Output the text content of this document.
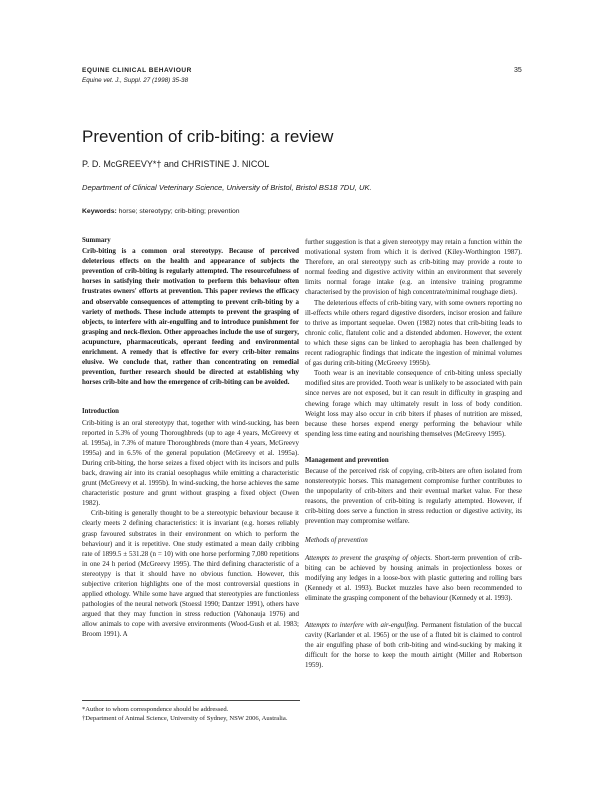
EQUINE CLINICAL BEHAVIOUR
Equine vet. J., Suppl. 27 (1998) 35-38
35
Prevention of crib-biting: a review
P. D. McGREEVY*† and CHRISTINE J. NICOL
Department of Clinical Veterinary Science, University of Bristol, Bristol BS18 7DU, UK.
Keywords: horse; stereotypy; crib-biting; prevention

Summary

Crib-biting is a common oral stereotypy. Because of perceived deleterious effects on the health and appearance of subjects the prevention of crib-biting is regularly attempted. The resourcefulness of horses in satisfying their motivation to perform this behaviour often frustrates owners' efforts at prevention. This paper reviews the efficacy and observable consequences of attempting to prevent crib-biting by a variety of methods. These include attempts to prevent the grasping of objects, to interfere with air-engulfing and to introduce punishment for grasping and neck-flexion. Other approaches include the use of surgery, acupuncture, pharmaceuticals, operant feeding and environmental enrichment. A remedy that is effective for every crib-biter remains elusive. We conclude that, rather than concentrating on remedial prevention, further research should be directed at establishing why horses crib-bite and how the emergence of crib-biting can be avoided.

Introduction

Crib-biting is an oral stereotypy that, together with wind-sucking, has been reported in 5.3% of young Thoroughbreds (up to age 4 years, McGreevy et al. 1995a), in 7.3% of mature Thoroughbreds (more than 4 years, McGreevy 1995a) and in 6.5% of the general population (McGreevy et al. 1995a). During crib-biting, the horse seizes a fixed object with its incisors and pulls back, drawing air into its cranial oesophagus while emitting a characteristic grunt (McGreevy et al. 1995b). In wind-sucking, the horse achieves the same characteristic posture and grunt without grasping a fixed object (Owen 1982).

Crib-biting is generally thought to be a stereotypic behaviour because it clearly meets 2 defining characteristics: it is invariant (e.g. horses reliably grasp favoured substrates in their environment on which to perform the behaviour) and it is repetitive. One study estimated a mean daily cribbing rate of 1899.5 ± 531.28 (n = 10) with one horse performing 7,080 repetitions in one 24 h period (McGreevy 1995). The third defining characteristic of a stereotypy is that it should have no obvious function. However, this subjective criterion highlights one of the most controversial questions in applied ethology. While some have argued that stereotypies are functionless pathologies of the neural network (Stoessl 1990; Dantzer 1991), others have argued that they may function in stress reduction (Vahonauja 1976) and allow animals to cope with aversive environments (Wood-Gush et al. 1983; Broom 1991). A

further suggestion is that a given stereotypy may retain a function within the motivational system from which it is derived (Kiley-Worthington 1987). Therefore, an oral stereotypy such as crib-biting may provide a route to normal feeding and digestive activity within an environment that severely limits normal forage intake (e.g. an intensive training programme characterised by the provision of high concentrate/minimal roughage diets).

The deleterious effects of crib-biting vary, with some owners reporting no ill-effects while others regard digestive disorders, incisor erosion and failure to thrive as important sequelae. Owen (1982) notes that crib-biting leads to chronic colic, flatulent colic and a distended abdomen. However, the extent to which these signs can be linked to aerophagia has been challenged by recent radiographic findings that indicate the ingestion of minimal volumes of gas during crib-biting (McGreevy 1995b).

Tooth wear is an inevitable consequence of crib-biting unless specially modified sites are provided. Tooth wear is unlikely to be associated with pain since nerves are not exposed, but it can result in difficulty in grasping and chewing forage which may ultimately result in loss of body condition. Weight loss may also occur in crib biters if phases of nutrition are missed, because these horses expend energy performing the behaviour while spending less time eating and nourishing themselves (McGreevy 1995).

Management and prevention

Because of the perceived risk of copying, crib-biters are often isolated from nonstereotypic horses. This management compromise further contributes to the unpopularity of crib-biters and their eventual market value. For these reasons, the prevention of crib-biting is regularly attempted. However, if crib-biting does serve a function in stress reduction or digestive activity, its prevention may compromise welfare.

Methods of prevention

Attempts to prevent the grasping of objects. Short-term prevention of crib-biting can be achieved by housing animals in projectionless boxes or modifying any ledges in a loose-box with plastic guttering and rolling bars (Kennedy et al. 1993). Bucket muzzles have also been recommended to eliminate the grasping component of the behaviour (Kennedy et al. 1993).

Attempts to interfere with air-engulfing. Permanent fistulation of the buccal cavity (Karlander et al. 1965) or the use of a fluted bit is claimed to control the air engulfing phase of both crib-biting and wind-sucking by making it difficult for the horse to keep the mouth airtight (Miller and Robertson 1959).

*Author to whom correspondence should be addressed.

†Department of Animal Science, University of Sydney, NSW 2006, Australia.
